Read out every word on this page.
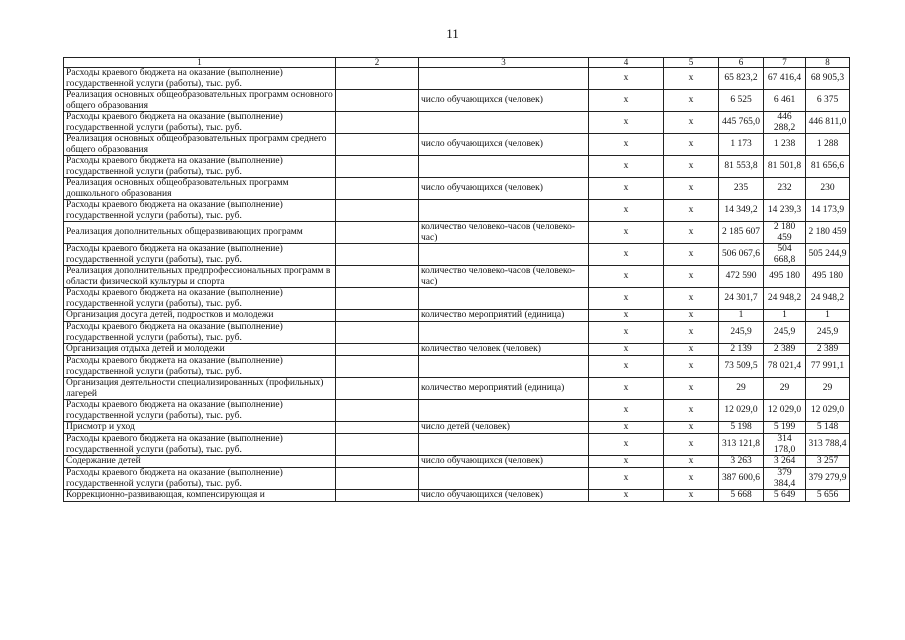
11
1	2	3	4	5	6	7	8
Расходы краевого бюджета на оказание (выполнение) государственной услуги (работы), тыс. руб.			x	x	65 823,2	67 416,4	68 905,3
Реализация основных общеобразовательных программ основного общего образования		число обучающихся (человек)	x	x	6 525	6 461	6 375
Расходы краевого бюджета на оказание (выполнение) государственной услуги (работы), тыс. руб.			x	x	445 765,0	446 288,2	446 811,0
Реализация основных общеобразовательных программ среднего общего образования		число обучающихся (человек)	x	x	1 173	1 238	1 288
Расходы краевого бюджета на оказание (выполнение) государственной услуги (работы), тыс. руб.			x	x	81 553,8	81 501,8	81 656,6
Реализация основных общеобразовательных программ дошкольного образования		число обучающихся (человек)	x	x	235	232	230
Расходы краевого бюджета на оказание (выполнение) государственной услуги (работы), тыс. руб.			x	x	14 349,2	14 239,3	14 173,9
Реализация дополнительных общеразвивающих программ		количество человеко-часов (человеко-час)	x	x	2 185 607	2 180 459	2 180 459
Расходы краевого бюджета на оказание (выполнение) государственной услуги (работы), тыс. руб.			x	x	506 067,6	504 668,8	505 244,9
Реализация дополнительных предпрофессиональных программ в области физической культуры и спорта		количество человеко-часов (человеко-час)	x	x	472 590	495 180	495 180
Расходы краевого бюджета на оказание (выполнение) государственной услуги (работы), тыс. руб.			x	x	24 301,7	24 948,2	24 948,2
Организация досуга детей, подростков и молодежи		количество мероприятий (единица)	x	x	1	1	1
Расходы краевого бюджета на оказание (выполнение) государственной услуги (работы), тыс. руб.			x	x	245,9	245,9	245,9
Организация отдыха детей и молодежи		количество человек (человек)	x	x	2 139	2 389	2 389
Расходы краевого бюджета на оказание (выполнение) государственной услуги (работы), тыс. руб.			x	x	73 509,5	78 021,4	77 991,1
Организация деятельности специализированных (профильных) лагерей		количество мероприятий (единица)	x	x	29	29	29
Расходы краевого бюджета на оказание (выполнение) государственной услуги (работы), тыс. руб.			x	x	12 029,0	12 029,0	12 029,0
Присмотр и уход		число детей (человек)	x	x	5 198	5 199	5 148
Расходы краевого бюджета на оказание (выполнение) государственной услуги (работы), тыс. руб.			x	x	313 121,8	314 178,0	313 788,4
Содержание детей		число обучающихся (человек)	x	x	3 263	3 264	3 257
Расходы краевого бюджета на оказание (выполнение) государственной услуги (работы), тыс. руб.			x	x	387 600,6	379 384,4	379 279,9
Коррекционно-развивающая, компенсирующая и		число обучающихся (человек)	x	x	5 668	5 649	5 656
